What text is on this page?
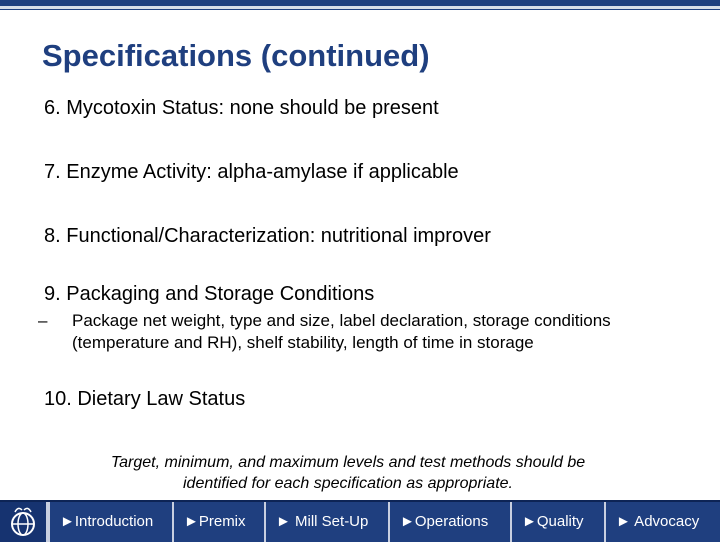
Specifications (continued)
6. Mycotoxin Status: none should be present
7. Enzyme Activity: alpha-amylase if applicable
8. Functional/Characterization: nutritional improver
9. Packaging and Storage Conditions
– Package net weight, type and size, label declaration, storage conditions
(temperature and RH), shelf stability, length of time in storage
10. Dietary Law Status
Target, minimum, and maximum levels and test methods should be
identified for each specification as appropriate.
►Introduction	►Premix	► Mill Set-Up	►Operations	►Quality	► Advocacy
